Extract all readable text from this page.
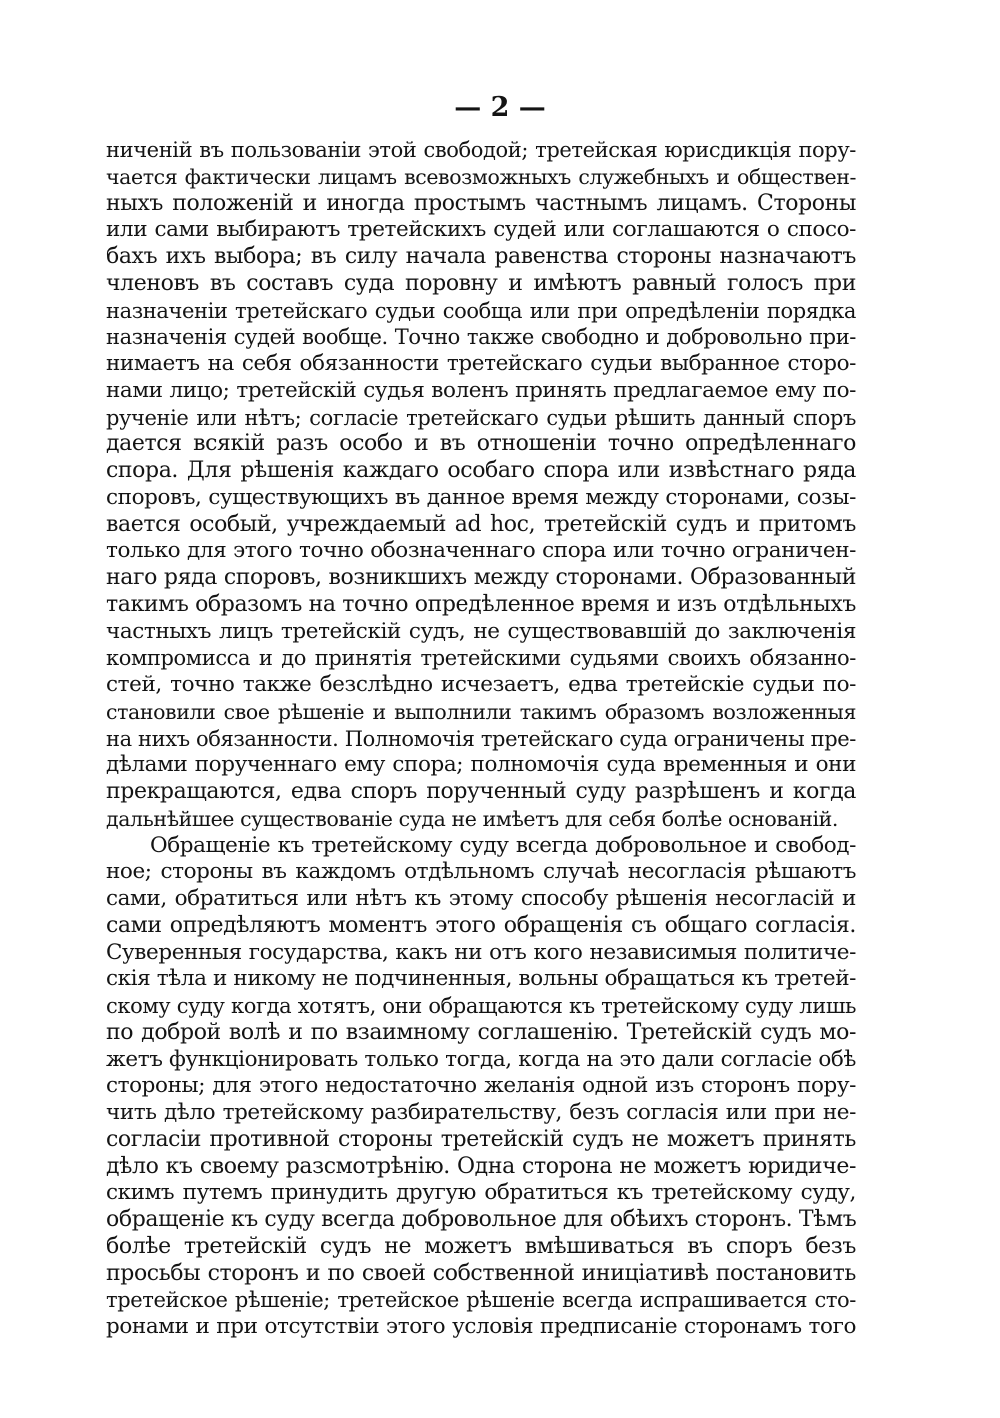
— 2 —
ниченій въ пользованіи этой свободой; третейская юрисдикція пору-
чается фактически лицамъ всевозможныхъ служебныхъ и обществен-
ныхъ положеній и иногда простымъ частнымъ лицамъ. Стороны
или сами выбираютъ третейскихъ судей или соглашаются о спосо-
бахъ ихъ выбора; въ силу начала равенства стороны назначаютъ
членовъ въ составъ суда поровну и имѣютъ равный голосъ при
назначеніи третейскаго судьи сообща или при опредѣленіи порядка
назначенія судей вообще. Точно также свободно и добровольно при-
нимаетъ на себя обязанности третейскаго судьи выбранное сторо-
нами лицо; третейскій судья воленъ принять предлагаемое ему по-
рученіе или нѣтъ; согласіе третейскаго судьи рѣшить данный споръ
дается всякій разъ особо и въ отношеніи точно опредѣленнаго
спора. Для рѣшенія каждаго особаго спора или извѣстнаго ряда
споровъ, существующихъ въ данное время между сторонами, созы-
вается особый, учреждаемый ad hoc, третейскій судъ и притомъ
только для этого точно обозначеннаго спора или точно ограничен-
наго ряда споровъ, возникшихъ между сторонами. Образованный
такимъ образомъ на точно опредѣленное время и изъ отдѣльныхъ
частныхъ лицъ третейскій судъ, не существовавшій до заключенія
компромисса и до принятія третейскими судьями своихъ обязанно-
стей, точно также безслѣдно исчезаетъ, едва третейскіе судьи по-
становили свое рѣшеніе и выполнили такимъ образомъ возложенныя
на нихъ обязанности. Полномочія третейскаго суда ограничены пре-
дѣлами порученнаго ему спора; полномочія суда временныя и они
прекращаются, едва споръ порученный суду разрѣшенъ и когда
дальнѣйшее существованіе суда не имѣетъ для себя болѣе основаній.
Обращеніе къ третейскому суду всегда добровольное и свобод-
ное; стороны въ каждомъ отдѣльномъ случаѣ несогласія рѣшаютъ
сами, обратиться или нѣтъ къ этому способу рѣшенія несогласій и
сами опредѣляютъ моментъ этого обращенія съ общаго согласія.
Суверенныя государства, какъ ни отъ кого независимыя политиче-
скія тѣла и никому не подчиненныя, вольны обращаться къ третей-
скому суду когда хотятъ, они обращаются къ третейскому суду лишь
по доброй волѣ и по взаимному соглашенію. Третейскій судъ мо-
жетъ функціонировать только тогда, когда на это дали согласіе обѣ
стороны; для этого недостаточно желанія одной изъ сторонъ пору-
чить дѣло третейскому разбирательству, безъ согласія или при не-
согласіи противной стороны третейскій судъ не можетъ принять
дѣло къ своему разсмотрѣнію. Одна сторона не можетъ юридиче-
скимъ путемъ принудить другую обратиться къ третейскому суду,
обращеніе къ суду всегда добровольное для обѣихъ сторонъ. Тѣмъ
болѣе третейскій судъ не можетъ вмѣшиваться въ споръ безъ
просьбы сторонъ и по своей собственной иниціативѣ постановить
третейское рѣшеніе; третейское рѣшеніе всегда испрашивается сто-
ронами и при отсутствіи этого условія предписаніе сторонамъ того
